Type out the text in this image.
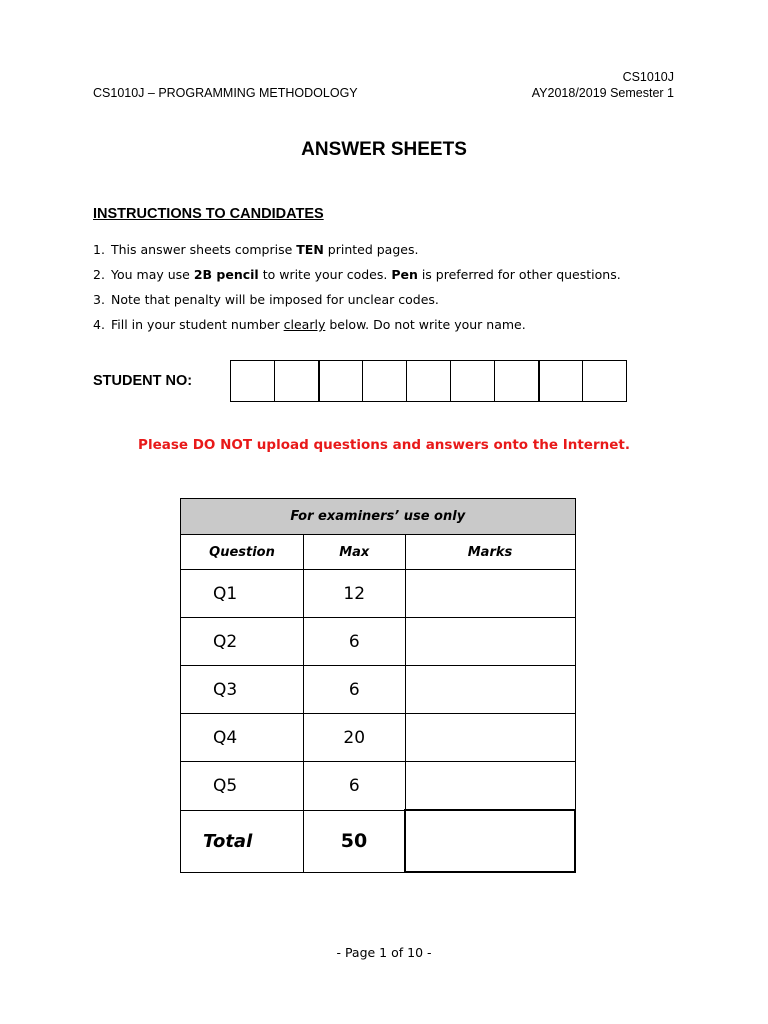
CS1010J
CS1010J – PROGRAMMING METHODOLOGY	AY2018/2019 Semester 1
ANSWER SHEETS
INSTRUCTIONS TO CANDIDATES
1. This answer sheets comprise TEN printed pages.
2. You may use 2B pencil to write your codes. Pen is preferred for other questions.
3. Note that penalty will be imposed for unclear codes.
4. Fill in your student number clearly below. Do not write your name.
STUDENT NO:
Please DO NOT upload questions and answers onto the Internet.
For examiners’ use only		
Question	Max	Marks
Q1	12	
Q2	6	
Q3	6	
Q4	20	
Q5	6	
Total	50	
- Page 1 of 10 -
